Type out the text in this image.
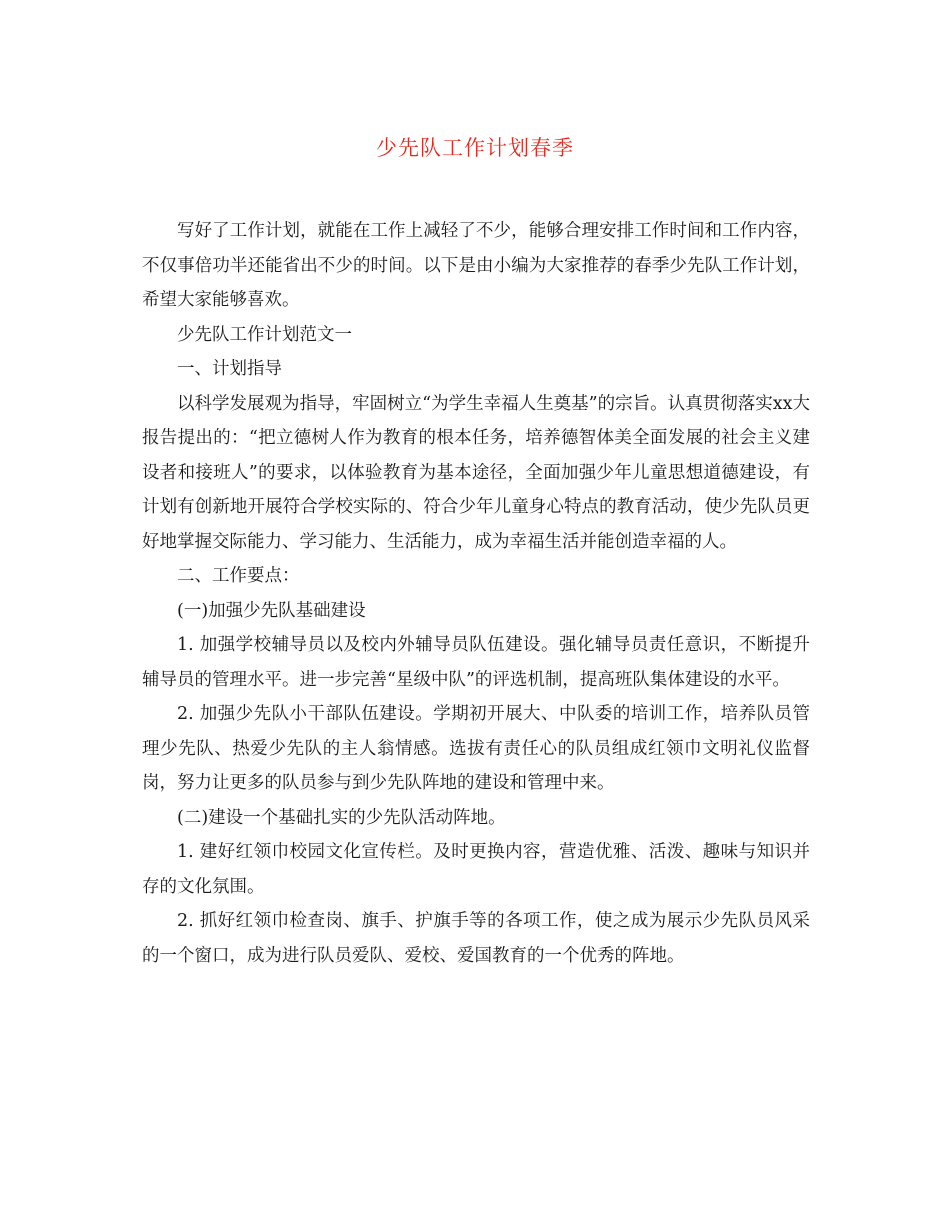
少先队工作计划春季

写好了工作计划，就能在工作上减轻了不少，能够合理安排工作时间和工作内容，不仅事倍功半还能省出不少的时间。以下是由小编为大家推荐的春季少先队工作计划，希望大家能够喜欢。

少先队工作计划范文一

一、计划指导

以科学发展观为指导，牢固树立“为学生幸福人生奠基”的宗旨。认真贯彻落实xx大报告提出的：“把立德树人作为教育的根本任务，培养德智体美全面发展的社会主义建设者和接班人”的要求，以体验教育为基本途径，全面加强少年儿童思想道德建设，有计划有创新地开展符合学校实际的、符合少年儿童身心特点的教育活动，使少先队员更好地掌握交际能力、学习能力、生活能力，成为幸福生活并能创造幸福的人。

二、工作要点：

(一)加强少先队基础建设

1. 加强学校辅导员以及校内外辅导员队伍建设。强化辅导员责任意识，不断提升辅导员的管理水平。进一步完善“星级中队”的评选机制，提高班队集体建设的水平。

2. 加强少先队小干部队伍建设。学期初开展大、中队委的培训工作，培养队员管理少先队、热爱少先队的主人翁情感。选拔有责任心的队员组成红领巾文明礼仪监督岗，努力让更多的队员参与到少先队阵地的建设和管理中来。

(二)建设一个基础扎实的少先队活动阵地。

1. 建好红领巾校园文化宣传栏。及时更换内容，营造优雅、活泼、趣味与知识并存的文化氛围。

2. 抓好红领巾检查岗、旗手、护旗手等的各项工作，使之成为展示少先队员风采的一个窗口，成为进行队员爱队、爱校、爱国教育的一个优秀的阵地。
